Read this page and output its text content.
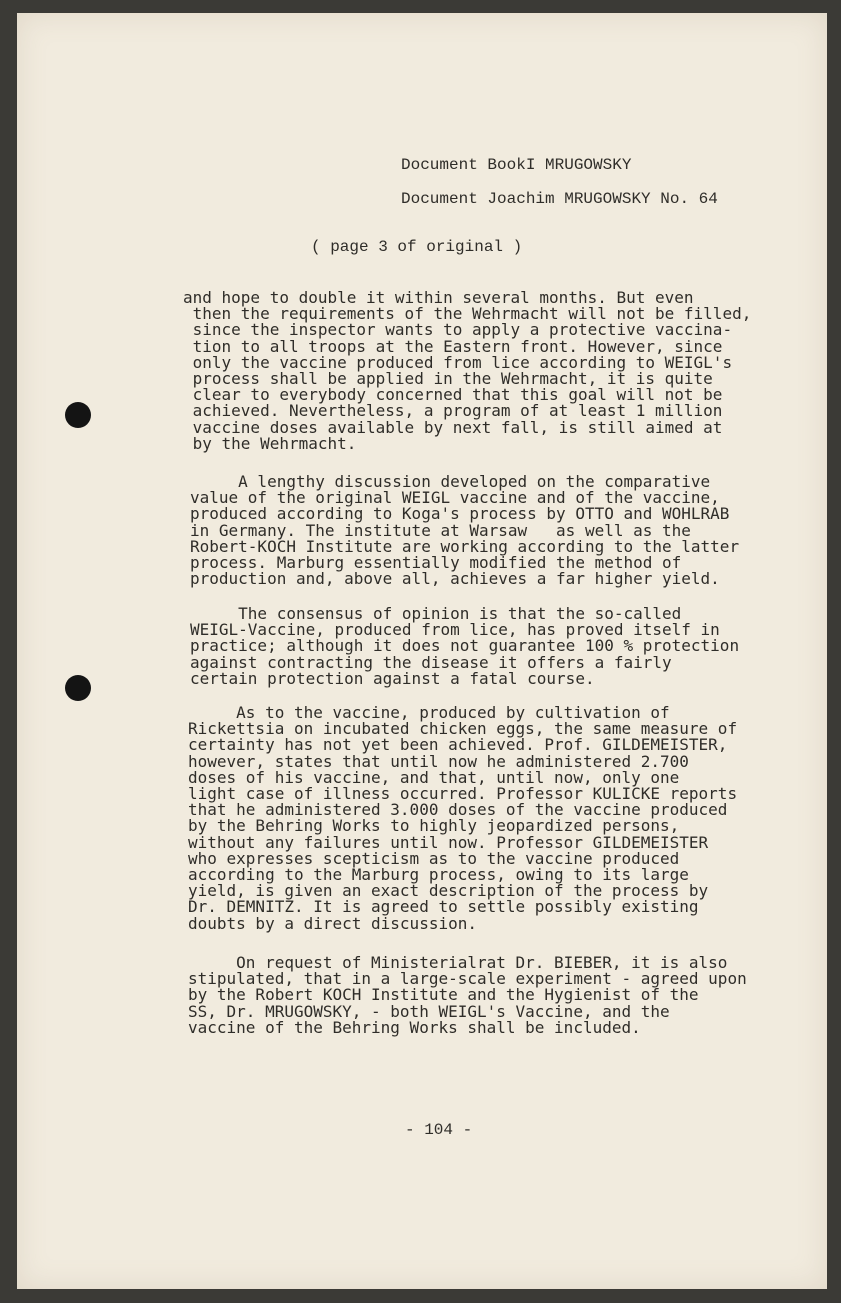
Document BookI MRUGOWSKY
Document Joachim MRUGOWSKY No. 64
( page 3 of original )
and hope to double it within several months. But even
then the requirements of the Wehrmacht will not be filled,
since the inspector wants to apply a protective vaccina-
tion to all troops at the Eastern front. However, since
only the vaccine produced from lice according to WEIGL's
process shall be applied in the Wehrmacht, it is quite
clear to everybody concerned that this goal will not be
achieved. Nevertheless, a program of at least 1 million
vaccine doses available by next fall, is still aimed at
by the Wehrmacht.
A lengthy discussion developed on the comparative
value of the original WEIGL vaccine and of the vaccine,
produced according to Koga's process by OTTO and WOHLRAB
in Germany. The institute at Warsaw   as well as the
Robert-KOCH Institute are working according to the latter
process. Marburg essentially modified the method of
production and, above all, achieves a far higher yield.
The consensus of opinion is that the so-called
WEIGL-Vaccine, produced from lice, has proved itself in
practice; although it does not guarantee 100 % protection
against contracting the disease it offers a fairly
certain protection against a fatal course.
As to the vaccine, produced by cultivation of
Rickettsia on incubated chicken eggs, the same measure of
certainty has not yet been achieved. Prof. GILDEMEISTER,
however, states that until now he administered 2.700
doses of his vaccine, and that, until now, only one
light case of illness occurred. Professor KULICKE reports
that he administered 3.000 doses of the vaccine produced
by the Behring Works to highly jeopardized persons,
without any failures until now. Professor GILDEMEISTER
who expresses scepticism as to the vaccine produced
according to the Marburg process, owing to its large
yield, is given an exact description of the process by
Dr. DEMNITZ. It is agreed to settle possibly existing
doubts by a direct discussion.
On request of Ministerialrat Dr. BIEBER, it is also
stipulated, that in a large-scale experiment - agreed upon
by the Robert KOCH Institute and the Hygienist of the
SS, Dr. MRUGOWSKY, - both WEIGL's Vaccine, and the
vaccine of the Behring Works shall be included.
- 104 -
